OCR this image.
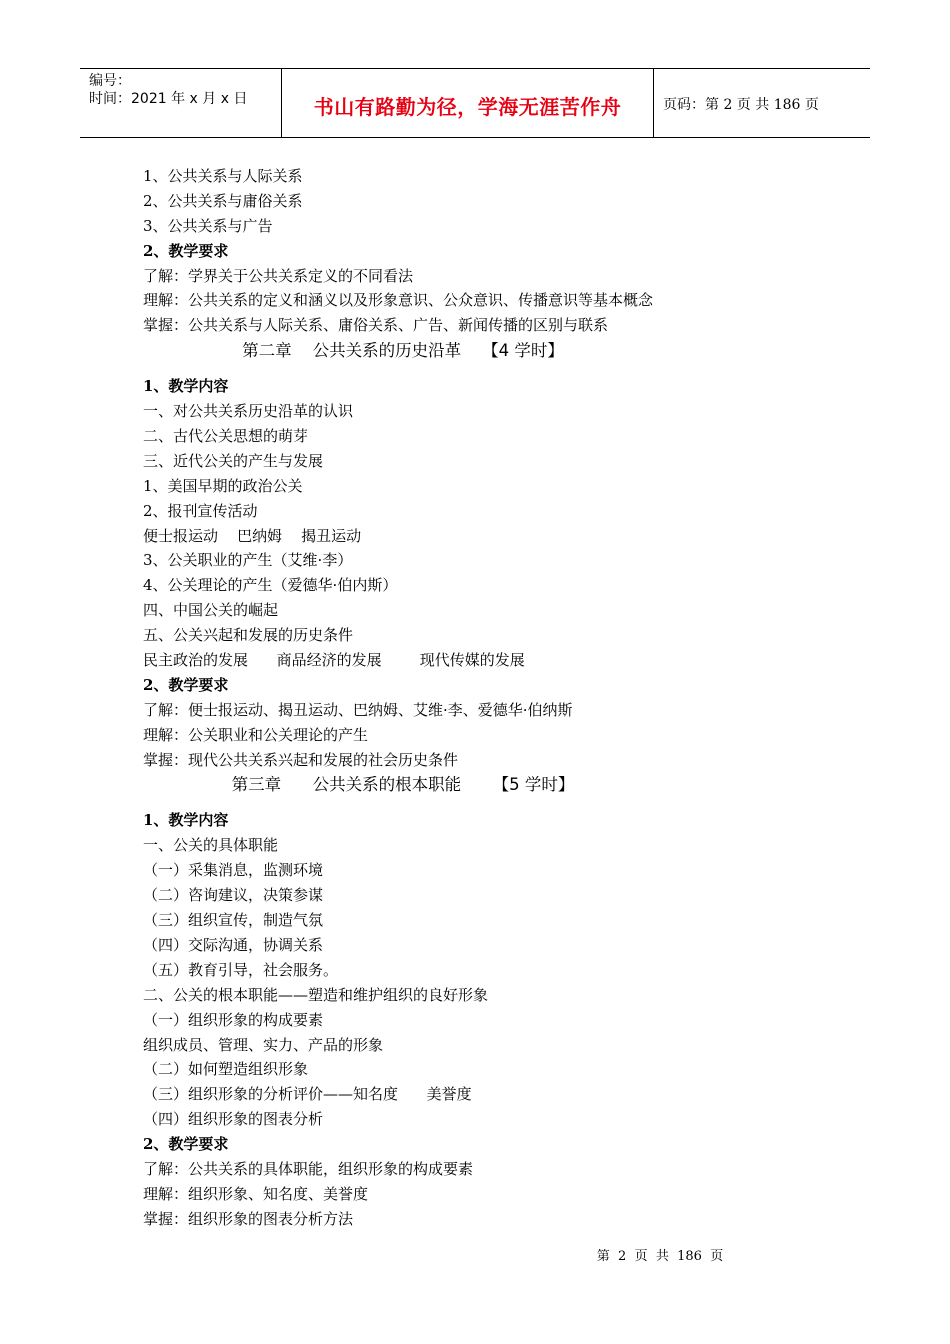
编号：
时间：2021 年 x 月 x 日	书山有路勤为径，学海无涯苦作舟	页码：第 2 页 共 186 页
1、公共关系与人际关系
2、公共关系与庸俗关系
3、公共关系与广告
2、教学要求
了解：学界关于公共关系定义的不同看法
理解：公共关系的定义和涵义以及形象意识、公众意识、传播意识等基本概念
掌握：公共关系与人际关系、庸俗关系、广告、新闻传播的区别与联系
第二章    公共关系的历史沿革    【4 学时】
1、教学内容
一、对公共关系历史沿革的认识
二、古代公关思想的萌芽
三、近代公关的产生与发展
1、美国早期的政治公关
2、报刊宣传活动
便士报运动    巴纳姆    揭丑运动
3、公关职业的产生（艾维·李）
4、公关理论的产生（爱德华·伯内斯）
四、中国公关的崛起
五、公关兴起和发展的历史条件
民主政治的发展      商品经济的发展        现代传媒的发展
2、教学要求
了解：便士报运动、揭丑运动、巴纳姆、艾维·李、爱德华·伯纳斯
理解：公关职业和公关理论的产生
掌握：现代公共关系兴起和发展的社会历史条件
第三章      公共关系的根本职能      【5 学时】
1、教学内容
一、公关的具体职能
（一）采集消息，监测环境
（二）咨询建议，决策参谋
（三）组织宣传，制造气氛
（四）交际沟通，协调关系
（五）教育引导，社会服务。
二、公关的根本职能——塑造和维护组织的良好形象
（一）组织形象的构成要素
组织成员、管理、实力、产品的形象
（二）如何塑造组织形象
（三）组织形象的分析评价——知名度      美誉度
（四）组织形象的图表分析
2、教学要求
了解：公共关系的具体职能，组织形象的构成要素
理解：组织形象、知名度、美誉度
掌握：组织形象的图表分析方法
第  2  页  共  186  页
